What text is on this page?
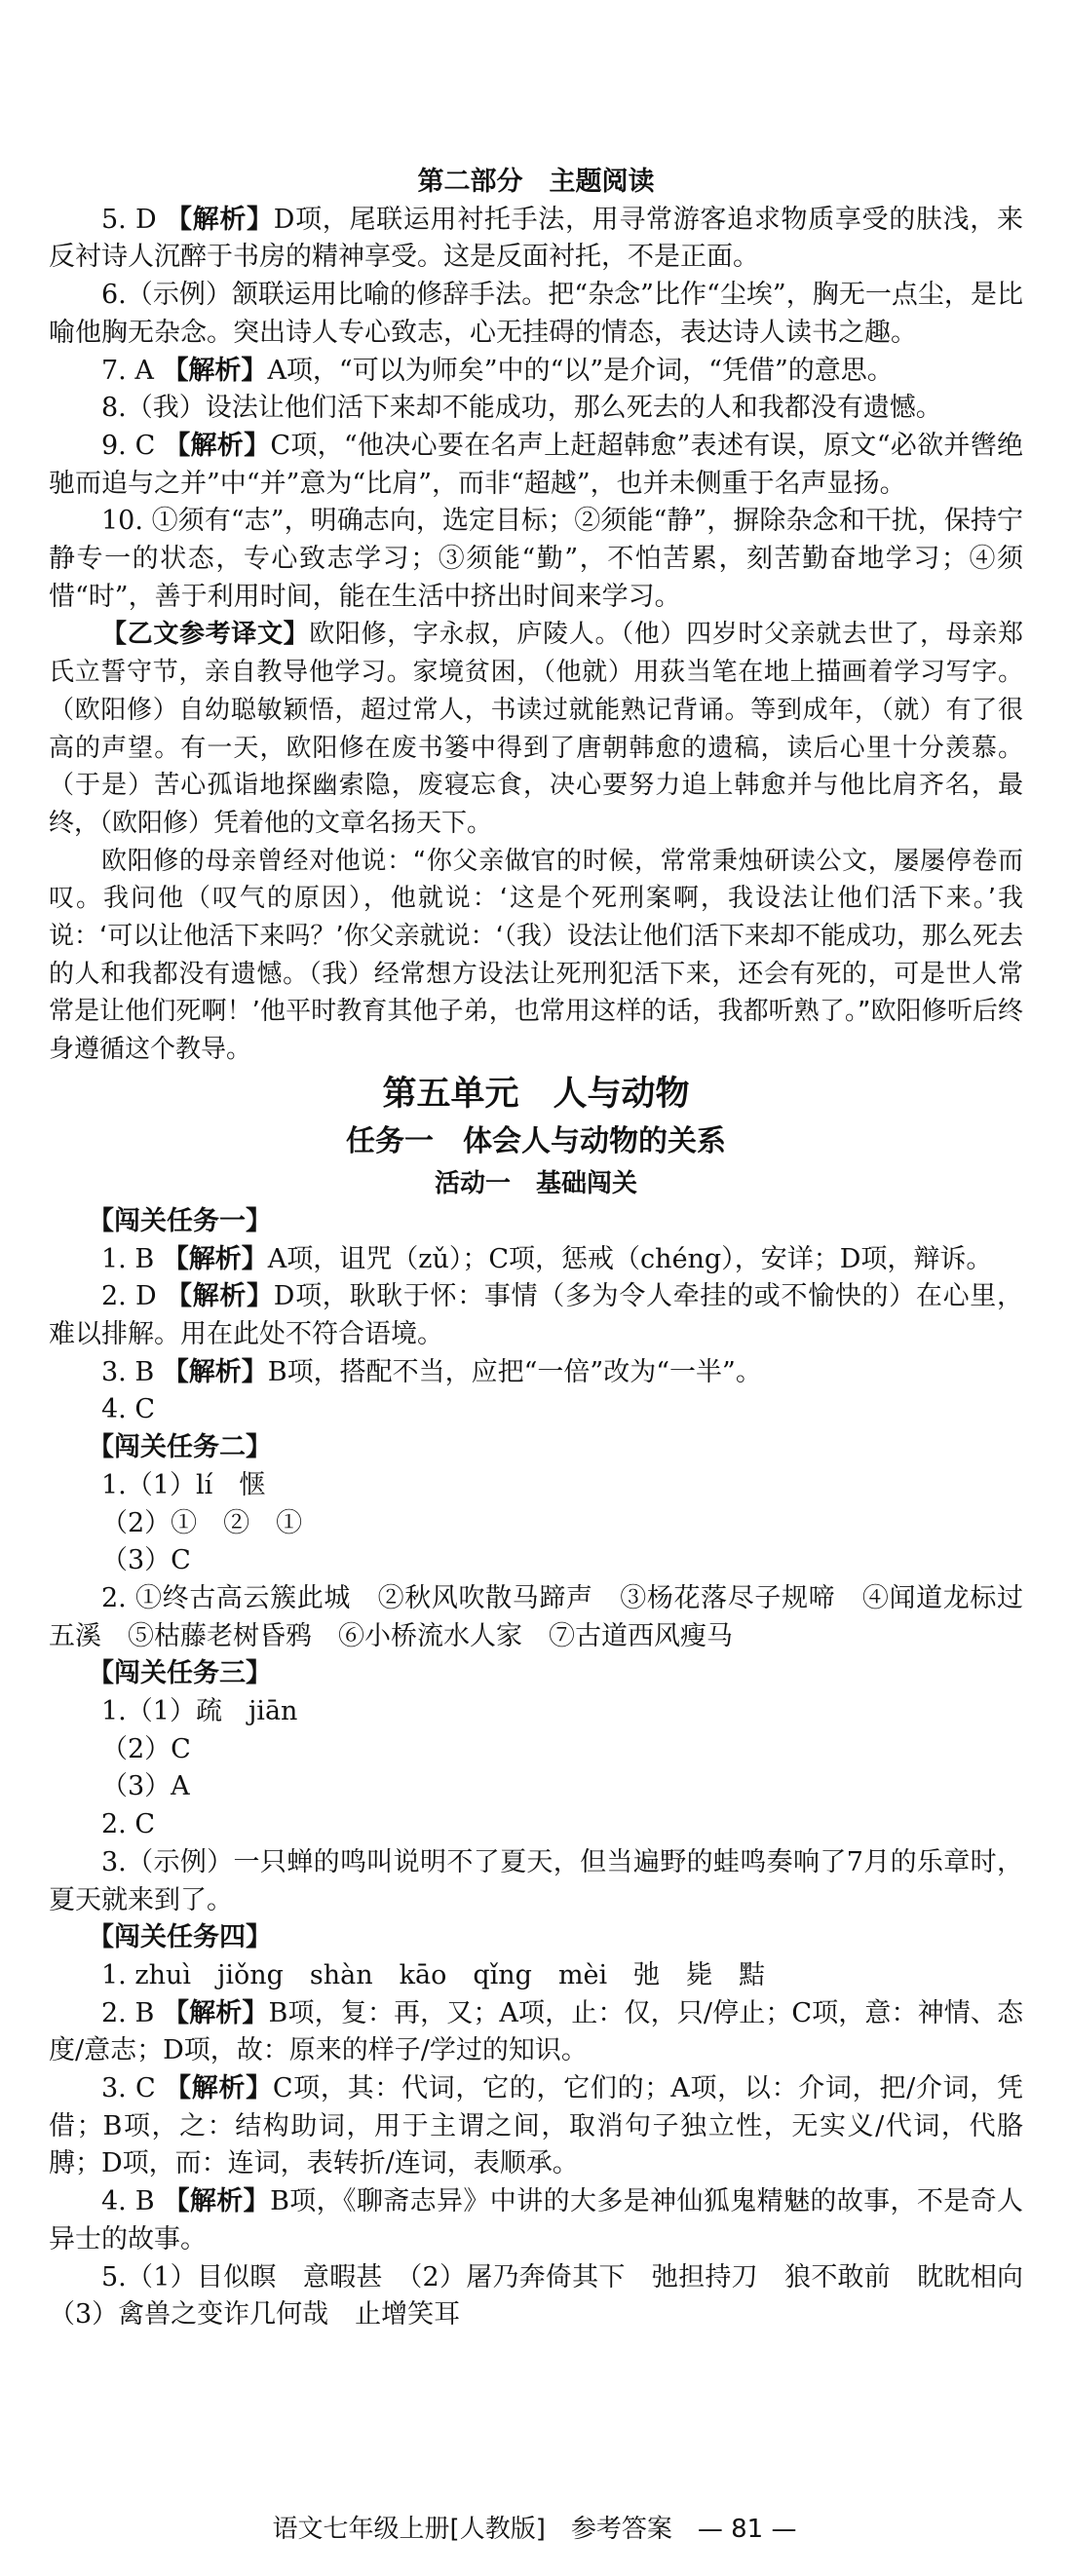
第二部分　主题阅读

5. D 【解析】D项，尾联运用衬托手法，用寻常游客追求物质享受的肤浅，来反衬诗人沉醉于书房的精神享受。这是反面衬托，不是正面。

6.（示例）颔联运用比喻的修辞手法。把“杂念”比作“尘埃”，胸无一点尘，是比喻他胸无杂念。突出诗人专心致志，心无挂碍的情态，表达诗人读书之趣。

7. A 【解析】A项，“可以为师矣”中的“以”是介词，“凭借”的意思。

8.（我）设法让他们活下来却不能成功，那么死去的人和我都没有遗憾。

9. C 【解析】C项，“他决心要在名声上赶超韩愈”表述有误，原文“必欲并辔绝驰而追与之并”中“并”意为“比肩”，而非“超越”，也并未侧重于名声显扬。

10. ①须有“志”，明确志向，选定目标；②须能“静”，摒除杂念和干扰，保持宁静专一的状态，专心致志学习；③须能“勤”，不怕苦累，刻苦勤奋地学习；④须惜“时”，善于利用时间，能在生活中挤出时间来学习。

【乙文参考译文】欧阳修，字永叔，庐陵人。（他）四岁时父亲就去世了，母亲郑氏立誓守节，亲自教导他学习。家境贫困，（他就）用荻当笔在地上描画着学习写字。（欧阳修）自幼聪敏颖悟，超过常人，书读过就能熟记背诵。等到成年，（就）有了很高的声望。有一天，欧阳修在废书篓中得到了唐朝韩愈的遗稿，读后心里十分羡慕。（于是）苦心孤诣地探幽索隐，废寝忘食，决心要努力追上韩愈并与他比肩齐名，最终，（欧阳修）凭着他的文章名扬天下。

欧阳修的母亲曾经对他说：“你父亲做官的时候，常常秉烛研读公文，屡屡停卷而叹。我问他（叹气的原因），他就说：‘这是个死刑案啊，我设法让他们活下来。’我说：‘可以让他活下来吗？’你父亲就说：‘（我）设法让他们活下来却不能成功，那么死去的人和我都没有遗憾。（我）经常想方设法让死刑犯活下来，还会有死的，可是世人常常是让他们死啊！’他平时教育其他子弟，也常用这样的话，我都听熟了。”欧阳修听后终身遵循这个教导。

第五单元　人与动物

任务一　体会人与动物的关系

活动一　基础闯关

【闯关任务一】

1. B 【解析】A项，诅咒（zǔ）；C项，惩戒（chéng），安详；D项，辩诉。

2. D 【解析】D项，耿耿于怀：事情（多为令人牵挂的或不愉快的）在心里，难以排解。用在此处不符合语境。

3. B 【解析】B项，搭配不当，应把“一倍”改为“一半”。

4. C

【闯关任务二】

1.（1）lí　惬

（2）①　②　①

（3）C

2. ①终古高云簇此城　②秋风吹散马蹄声　③杨花落尽子规啼　④闻道龙标过五溪　⑤枯藤老树昏鸦　⑥小桥流水人家　⑦古道西风瘦马

【闯关任务三】

1.（1）疏　jiān

（2）C

（3）A

2. C

3.（示例）一只蝉的鸣叫说明不了夏天，但当遍野的蛙鸣奏响了7月的乐章时，夏天就来到了。

【闯关任务四】

1. zhuì　jiǒng　shàn　kāo　qǐng　mèi　弛　毙　黠

2. B 【解析】B项，复：再，又；A项，止：仅，只/停止；C项，意：神情、态度/意志；D项，故：原来的样子/学过的知识。

3. C 【解析】C项，其：代词，它的，它们的；A项，以：介词，把/介词，凭借；B项，之：结构助词，用于主谓之间，取消句子独立性，无实义/代词，代胳膊；D项，而：连词，表转折/连词，表顺承。

4. B 【解析】B项，《聊斋志异》中讲的大多是神仙狐鬼精魅的故事，不是奇人异士的故事。

5.（1）目似瞑　意暇甚　（2）屠乃奔倚其下　弛担持刀　狼不敢前　眈眈相向　（3）禽兽之变诈几何哉　止增笑耳

语文七年级上册[人教版]　参考答案　— 81 —
